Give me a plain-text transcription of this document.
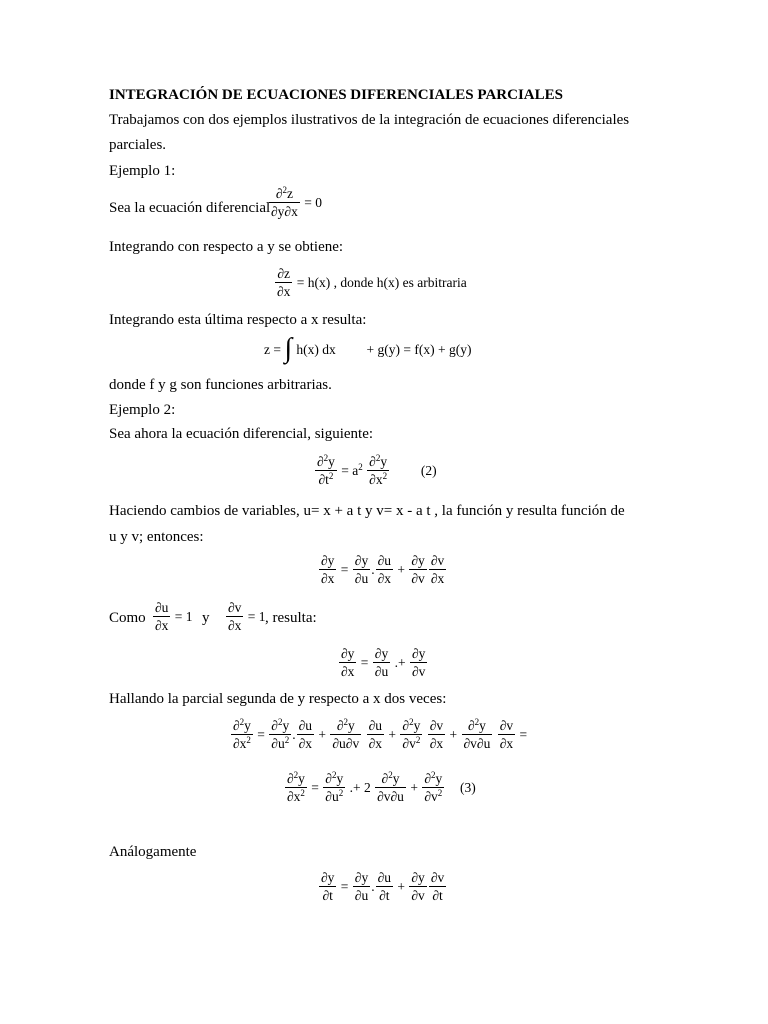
INTEGRACIÓN DE ECUACIONES DIFERENCIALES PARCIALES
Trabajamos con dos ejemplos ilustrativos de la integración de ecuaciones diferenciales
parciales.
Ejemplo 1:
Sea la ecuación diferencial
$\frac{\partial^2z}{\partial y\partial x} = 0$
Integrando con respecto a y se obtiene:
$\frac{\partial z}{\partial x} = h(x)$ , donde h(x) es arbitraria
Integrando esta última respecto a x resulta:
z = ∫ h(x) dx + g(y) = f(x) + g(y)
donde f y g son funciones arbitrarias.
Ejemplo 2:
Sea ahora la ecuación diferencial, siguiente:
$\frac{\partial^2y}{\partial t^2} = a^2 \frac{\partial^2y}{\partial x^2} (2)$
Haciendo cambios de variables, u= x + a t y v= x - a t , la función y resulta función de
u y v; entonces:
$\frac{\partial y}{\partial x} = \frac{\partial y}{\partial u}$ . $\frac{\partial u}{\partial x} + \frac{\partial y}{\partial v} \frac{\partial v}{\partial x}$
Como $\frac{\partial u}{\partial x} = 1$ y $\frac{\partial v}{\partial x} = 1$ , resulta:
$\frac{\partial y}{\partial x} = \frac{\partial y}{\partial u}$ .+ $\frac{\partial y}{\partial v}$
Hallando la parcial segunda de y respecto a x dos veces:
$\frac{\partial^2y}{\partial x^2} = \frac{\partial^2y}{\partial u^2}$ . $\frac{\partial u}{\partial x} + \frac{\partial^2y}{\partial u\partial v}$
$\frac{\partial u}{\partial x} + \frac{\partial^2y}{\partial v^2}$
$\frac{\partial v}{\partial x} + \frac{\partial^2y}{\partial v\partial u}$
$\frac{\partial v}{\partial x}$ =
$\frac{\partial^2y}{\partial x^2} = \frac{\partial^2y}{\partial u^2}$ .+ $2 \frac{\partial^2y}{\partial v\partial u} + \frac{\partial^2y}{\partial v^2} (3)$
Análogamente
$\frac{\partial y}{\partial t} = \frac{\partial y}{\partial u}$ . $\frac{\partial u}{\partial t} + \frac{\partial y}{\partial v} \frac{\partial v}{\partial t}$
